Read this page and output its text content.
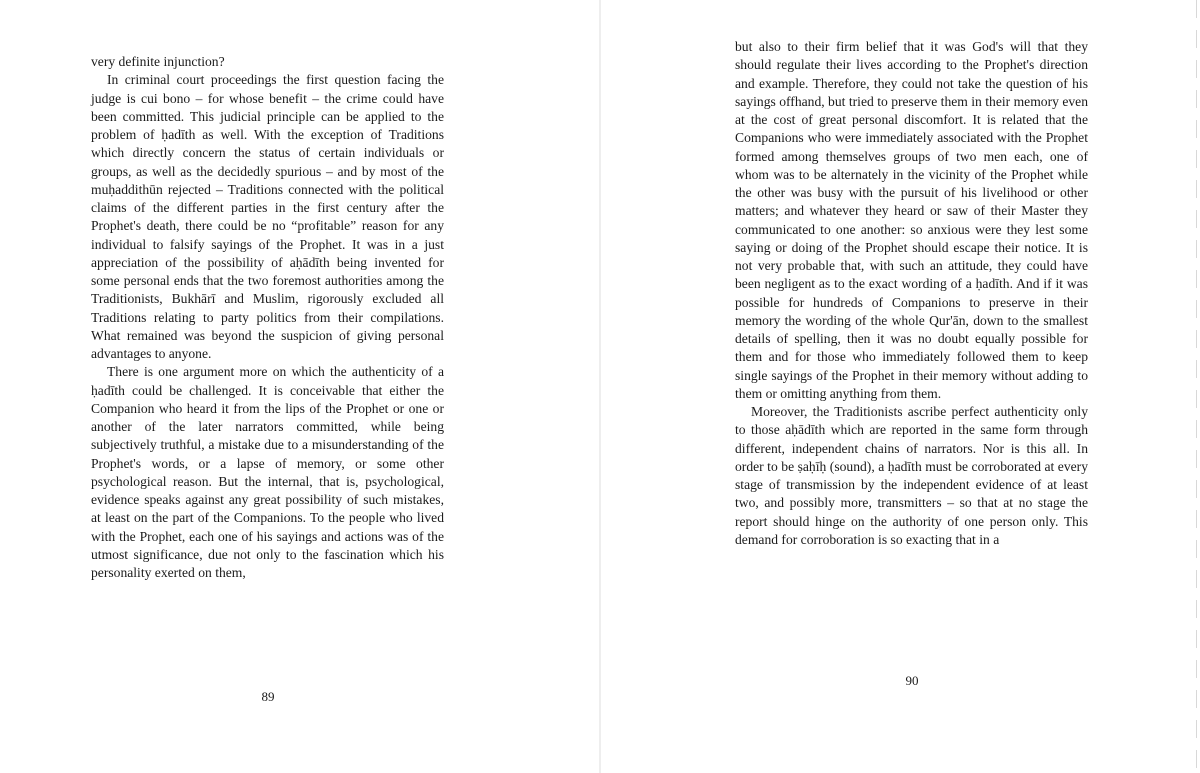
very definite injunction?

In criminal court proceedings the first question facing the judge is cui bono – for whose benefit – the crime could have been committed. This judicial principle can be applied to the problem of ḥadīth as well. With the exception of Traditions which directly concern the status of certain individuals or groups, as well as the decidedly spurious – and by most of the muḥaddithūn rejected – Traditions connected with the political claims of the different parties in the first century after the Prophet's death, there could be no “profitable” reason for any individual to falsify sayings of the Prophet. It was in a just appreciation of the possibility of aḥādīth being invented for some personal ends that the two foremost authorities among the Traditionists, Bukhārī and Muslim, rigorously excluded all Traditions relating to party politics from their compilations. What remained was beyond the suspicion of giving personal advantages to anyone.

There is one argument more on which the authenticity of a ḥadīth could be challenged. It is conceivable that either the Companion who heard it from the lips of the Prophet or one or another of the later narrators committed, while being subjectively truthful, a mistake due to a misunderstanding of the Prophet's words, or a lapse of memory, or some other psychological reason. But the internal, that is, psychological, evidence speaks against any great possibility of such mistakes, at least on the part of the Companions. To the people who lived with the Prophet, each one of his sayings and actions was of the utmost significance, due not only to the fascination which his personality exerted on them,

89

but also to their firm belief that it was God's will that they should regulate their lives according to the Prophet's direction and example. Therefore, they could not take the question of his sayings offhand, but tried to preserve them in their memory even at the cost of great personal discomfort. It is related that the Companions who were immediately associated with the Prophet formed among themselves groups of two men each, one of whom was to be alternately in the vicinity of the Prophet while the other was busy with the pursuit of his livelihood or other matters; and whatever they heard or saw of their Master they communicated to one another: so anxious were they lest some saying or doing of the Prophet should escape their notice. It is not very probable that, with such an attitude, they could have been negligent as to the exact wording of a ḥadīth. And if it was possible for hundreds of Companions to preserve in their memory the wording of the whole Qur'ān, down to the smallest details of spelling, then it was no doubt equally possible for them and for those who immediately followed them to keep single sayings of the Prophet in their memory without adding to them or omitting anything from them.

Moreover, the Traditionists ascribe perfect authenticity only to those aḥādīth which are reported in the same form through different, independent chains of narrators. Nor is this all. In order to be ṣaḥīḥ (sound), a ḥadīth must be corroborated at every stage of transmission by the independent evidence of at least two, and possibly more, transmitters – so that at no stage the report should hinge on the authority of one person only. This demand for corroboration is so exacting that in a

90
